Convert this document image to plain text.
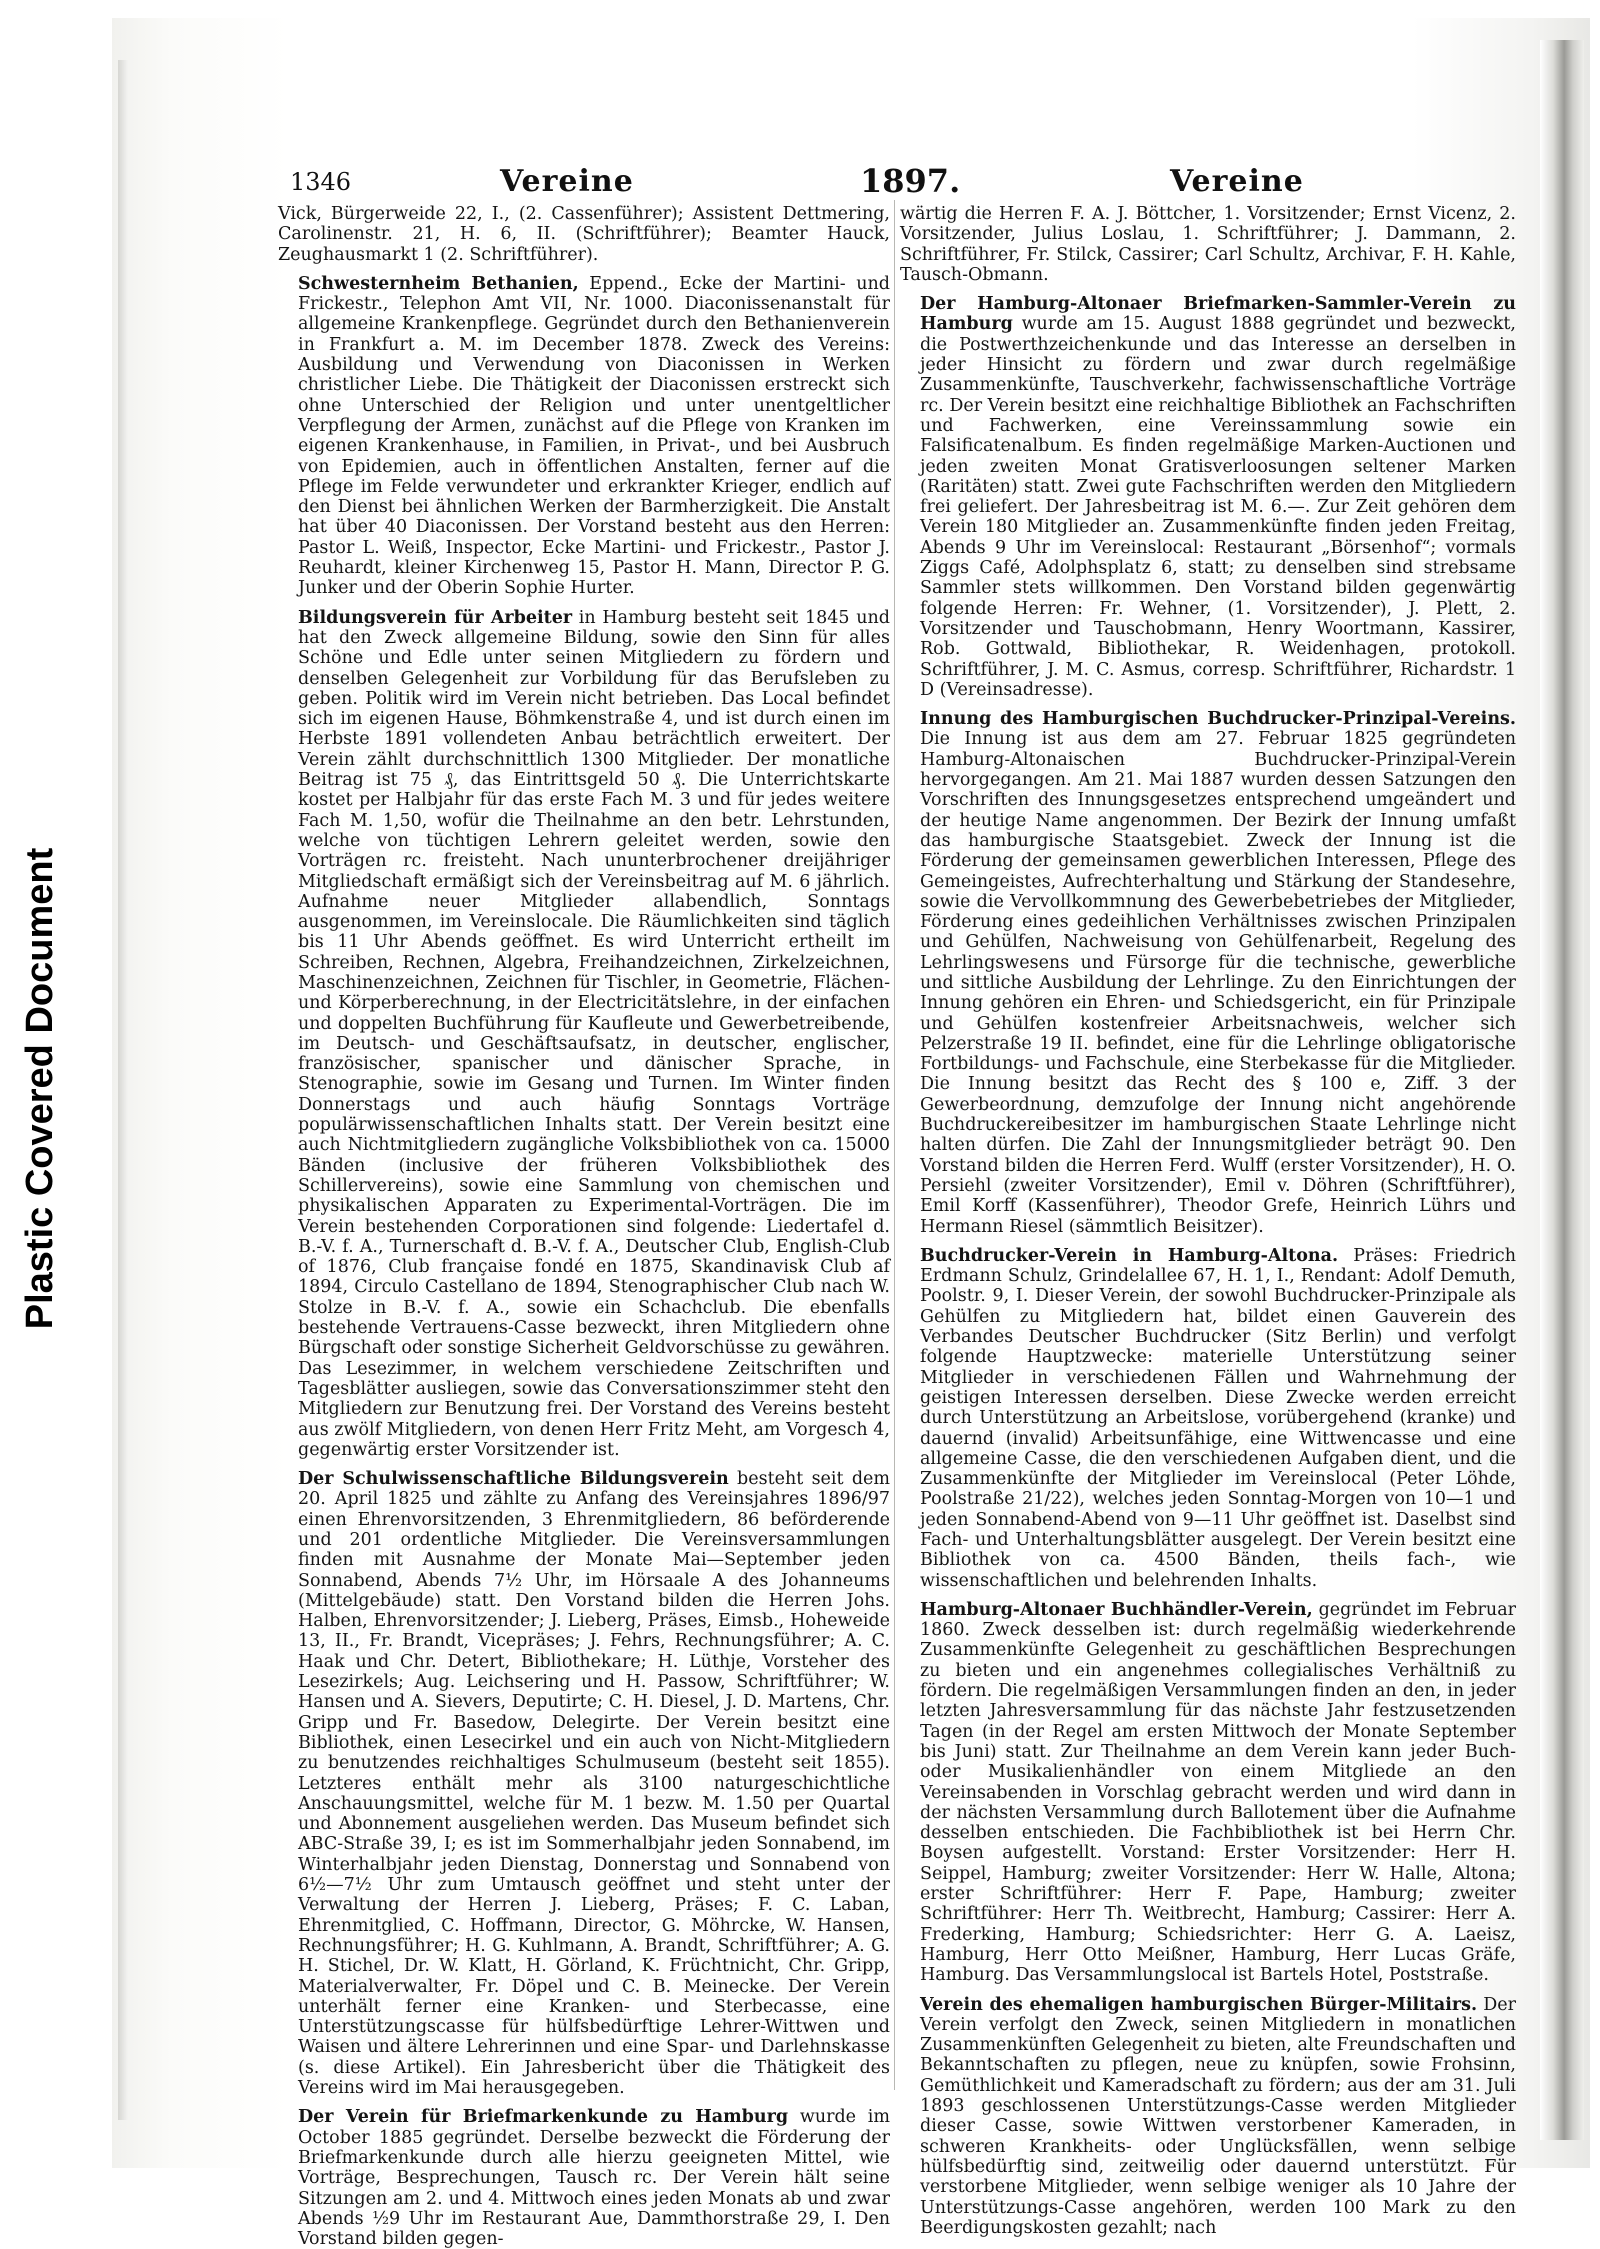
Plastic Covered Document
1346	Vereine	1897.	Vereine

Vick, Bürgerweide 22, I., (2. Cassenführer); Assistent Dettmering, Carolinenstr. 21, H. 6, II. (Schriftführer); Beamter Hauck, Zeughausmarkt 1 (2. Schriftführer).

Schwesternheim Bethanien, Eppend., Ecke der Martini- und Frickestr., Telephon Amt VII, Nr. 1000. Diaconissenanstalt für allgemeine Krankenpflege. Gegründet durch den Bethanienverein in Frankfurt a. M. im December 1878. Zweck des Vereins: Ausbildung und Verwendung von Diaconissen in Werken christlicher Liebe. Die Thätigkeit der Diaconissen erstreckt sich ohne Unterschied der Religion und unter unentgeltlicher Verpflegung der Armen, zunächst auf die Pflege von Kranken im eigenen Krankenhause, in Familien, in Privat-, und bei Ausbruch von Epidemien, auch in öffentlichen Anstalten, ferner auf die Pflege im Felde verwundeter und erkrankter Krieger, endlich auf den Dienst bei ähnlichen Werken der Barmherzigkeit. Die Anstalt hat über 40 Diaconissen. Der Vorstand besteht aus den Herren: Pastor L. Weiß, Inspector, Ecke Martini- und Frickestr., Pastor J. Reuhardt, kleiner Kirchenweg 15, Pastor H. Mann, Director P. G. Junker und der Oberin Sophie Hurter.

Bildungsverein für Arbeiter in Hamburg besteht seit 1845 und hat den Zweck allgemeine Bildung, sowie den Sinn für alles Schöne und Edle unter seinen Mitgliedern zu fördern und denselben Gelegenheit zur Vorbildung für das Berufsleben zu geben. Politik wird im Verein nicht betrieben. Das Local befindet sich im eigenen Hause, Böhmkenstraße 4, und ist durch einen im Herbste 1891 vollendeten Anbau beträchtlich erweitert. Der Verein zählt durchschnittlich 1300 Mitglieder. Der monatliche Beitrag ist 75 ₰, das Eintrittsgeld 50 ₰. Die Unterrichtskarte kostet per Halbjahr für das erste Fach M. 3 und für jedes weitere Fach M. 1,50, wofür die Theilnahme an den betr. Lehrstunden, welche von tüchtigen Lehrern geleitet werden, sowie den Vorträgen rc. freisteht. Nach ununterbrochener dreijähriger Mitgliedschaft ermäßigt sich der Vereinsbeitrag auf M. 6 jährlich. Aufnahme neuer Mitglieder allabendlich, Sonntags ausgenommen, im Vereinslocale. Die Räumlichkeiten sind täglich bis 11 Uhr Abends geöffnet. Es wird Unterricht ertheilt im Schreiben, Rechnen, Algebra, Freihandzeichnen, Zirkelzeichnen, Maschinenzeichnen, Zeichnen für Tischler, in Geometrie, Flächen- und Körperberechnung, in der Electricitätslehre, in der einfachen und doppelten Buchführung für Kaufleute und Gewerbetreibende, im Deutsch- und Geschäftsaufsatz, in deutscher, englischer, französischer, spanischer und dänischer Sprache, in Stenographie, sowie im Gesang und Turnen. Im Winter finden Donnerstags und auch häufig Sonntags Vorträge populärwissenschaftlichen Inhalts statt. Der Verein besitzt eine auch Nichtmitgliedern zugängliche Volksbibliothek von ca. 15000 Bänden (inclusive der früheren Volksbibliothek des Schillervereins), sowie eine Sammlung von chemischen und physikalischen Apparaten zu Experimental-Vorträgen. Die im Verein bestehenden Corporationen sind folgende: Liedertafel d. B.-V. f. A., Turnerschaft d. B.-V. f. A., Deutscher Club, English-Club of 1876, Club française fondé en 1875, Skandinavisk Club af 1894, Circulo Castellano de 1894, Stenographischer Club nach W. Stolze in B.-V. f. A., sowie ein Schachclub. Die ebenfalls bestehende Vertrauens-Casse bezweckt, ihren Mitgliedern ohne Bürgschaft oder sonstige Sicherheit Geldvorschüsse zu gewähren. Das Lesezimmer, in welchem verschiedene Zeitschriften und Tagesblätter ausliegen, sowie das Conversationszimmer steht den Mitgliedern zur Benutzung frei. Der Vorstand des Vereins besteht aus zwölf Mitgliedern, von denen Herr Fritz Meht, am Vorgesch 4, gegenwärtig erster Vorsitzender ist.

Der Schulwissenschaftliche Bildungsverein besteht seit dem 20. April 1825 und zählte zu Anfang des Vereinsjahres 1896/97 einen Ehrenvorsitzenden, 3 Ehrenmitgliedern, 86 beförderende und 201 ordentliche Mitglieder. Die Vereinsversammlungen finden mit Ausnahme der Monate Mai—September jeden Sonnabend, Abends 7½ Uhr, im Hörsaale A des Johanneums (Mittelgebäude) statt. Den Vorstand bilden die Herren Johs. Halben, Ehrenvorsitzender; J. Lieberg, Präses, Eimsb., Hoheweide 13, II., Fr. Brandt, Vicepräses; J. Fehrs, Rechnungsführer; A. C. Haak und Chr. Detert, Bibliothekare; H. Lüthje, Vorsteher des Lesezirkels; Aug. Leichsering und H. Passow, Schriftführer; W. Hansen und A. Sievers, Deputirte; C. H. Diesel, J. D. Martens, Chr. Gripp und Fr. Basedow, Delegirte. Der Verein besitzt eine Bibliothek, einen Lesecirkel und ein auch von Nicht-Mitgliedern zu benutzendes reichhaltiges Schulmuseum (besteht seit 1855). Letzteres enthält mehr als 3100 naturgeschichtliche Anschauungsmittel, welche für M. 1 bezw. M. 1.50 per Quartal und Abonnement ausgeliehen werden. Das Museum befindet sich ABC-Straße 39, I; es ist im Sommerhalbjahr jeden Sonnabend, im Winterhalbjahr jeden Dienstag, Donnerstag und Sonnabend von 6½—7½ Uhr zum Umtausch geöffnet und steht unter der Verwaltung der Herren J. Lieberg, Präses; F. C. Laban, Ehrenmitglied, C. Hoffmann, Director, G. Möhrcke, W. Hansen, Rechnungsführer; H. G. Kuhlmann, A. Brandt, Schriftführer; A. G. H. Stichel, Dr. W. Klatt, H. Görland, K. Früchtnicht, Chr. Gripp, Materialverwalter, Fr. Döpel und C. B. Meinecke. Der Verein unterhält ferner eine Kranken- und Sterbecasse, eine Unterstützungscasse für hülfsbedürftige Lehrer-Wittwen und Waisen und ältere Lehrerinnen und eine Spar- und Darlehnskasse (s. diese Artikel). Ein Jahresbericht über die Thätigkeit des Vereins wird im Mai herausgegeben.

Der Verein für Briefmarkenkunde zu Hamburg wurde im October 1885 gegründet. Derselbe bezweckt die Förderung der Briefmarkenkunde durch alle hierzu geeigneten Mittel, wie Vorträge, Besprechungen, Tausch rc. Der Verein hält seine Sitzungen am 2. und 4. Mittwoch eines jeden Monats ab und zwar Abends ½9 Uhr im Restaurant Aue, Dammthorstraße 29, I. Den Vorstand bilden gegen-

wärtig die Herren F. A. J. Böttcher, 1. Vorsitzender; Ernst Vicenz, 2. Vorsitzender, Julius Loslau, 1. Schriftführer; J. Dammann, 2. Schriftführer, Fr. Stilck, Cassirer; Carl Schultz, Archivar, F. H. Kahle, Tausch-Obmann.

Der Hamburg-Altonaer Briefmarken-Sammler-Verein zu Hamburg wurde am 15. August 1888 gegründet und bezweckt, die Postwerthzeichenkunde und das Interesse an derselben in jeder Hinsicht zu fördern und zwar durch regelmäßige Zusammenkünfte, Tauschverkehr, fachwissenschaftliche Vorträge rc. Der Verein besitzt eine reichhaltige Bibliothek an Fachschriften und Fachwerken, eine Vereinssammlung sowie ein Falsificatenalbum. Es finden regelmäßige Marken-Auctionen und jeden zweiten Monat Gratisverloosungen seltener Marken (Raritäten) statt. Zwei gute Fachschriften werden den Mitgliedern frei geliefert. Der Jahresbeitrag ist M. 6.—. Zur Zeit gehören dem Verein 180 Mitglieder an. Zusammenkünfte finden jeden Freitag, Abends 9 Uhr im Vereinslocal: Restaurant „Börsenhof“; vormals Ziggs Café, Adolphsplatz 6, statt; zu denselben sind strebsame Sammler stets willkommen. Den Vorstand bilden gegenwärtig folgende Herren: Fr. Wehner, (1. Vorsitzender), J. Plett, 2. Vorsitzender und Tauschobmann, Henry Woortmann, Kassirer, Rob. Gottwald, Bibliothekar, R. Weidenhagen, protokoll. Schriftführer, J. M. C. Asmus, corresp. Schriftführer, Richardstr. 1 D (Vereinsadresse).

Innung des Hamburgischen Buchdrucker-Prinzipal-Vereins. Die Innung ist aus dem am 27. Februar 1825 gegründeten Hamburg-Altonaischen Buchdrucker-Prinzipal-Verein hervorgegangen. Am 21. Mai 1887 wurden dessen Satzungen den Vorschriften des Innungsgesetzes entsprechend umgeändert und der heutige Name angenommen. Der Bezirk der Innung umfaßt das hamburgische Staatsgebiet. Zweck der Innung ist die Förderung der gemeinsamen gewerblichen Interessen, Pflege des Gemeingeistes, Aufrechterhaltung und Stärkung der Standesehre, sowie die Vervollkommnung des Gewerbebetriebes der Mitglieder, Förderung eines gedeihlichen Verhältnisses zwischen Prinzipalen und Gehülfen, Nachweisung von Gehülfenarbeit, Regelung des Lehrlingswesens und Fürsorge für die technische, gewerbliche und sittliche Ausbildung der Lehrlinge. Zu den Einrichtungen der Innung gehören ein Ehren- und Schiedsgericht, ein für Prinzipale und Gehülfen kostenfreier Arbeitsnachweis, welcher sich Pelzerstraße 19 II. befindet, eine für die Lehrlinge obligatorische Fortbildungs- und Fachschule, eine Sterbekasse für die Mitglieder. Die Innung besitzt das Recht des § 100 e, Ziff. 3 der Gewerbeordnung, demzufolge der Innung nicht angehörende Buchdruckereibesitzer im hamburgischen Staate Lehrlinge nicht halten dürfen. Die Zahl der Innungsmitglieder beträgt 90. Den Vorstand bilden die Herren Ferd. Wulff (erster Vorsitzender), H. O. Persiehl (zweiter Vorsitzender), Emil v. Döhren (Schriftführer), Emil Korff (Kassenführer), Theodor Grefe, Heinrich Lührs und Hermann Riesel (sämmtlich Beisitzer).

Buchdrucker-Verein in Hamburg-Altona. Präses: Friedrich Erdmann Schulz, Grindelallee 67, H. 1, I., Rendant: Adolf Demuth, Poolstr. 9, I. Dieser Verein, der sowohl Buchdrucker-Prinzipale als Gehülfen zu Mitgliedern hat, bildet einen Gauverein des Verbandes Deutscher Buchdrucker (Sitz Berlin) und verfolgt folgende Hauptzwecke: materielle Unterstützung seiner Mitglieder in verschiedenen Fällen und Wahrnehmung der geistigen Interessen derselben. Diese Zwecke werden erreicht durch Unterstützung an Arbeitslose, vorübergehend (kranke) und dauernd (invalid) Arbeitsunfähige, eine Wittwencasse und eine allgemeine Casse, die den verschiedenen Aufgaben dient, und die Zusammenkünfte der Mitglieder im Vereinslocal (Peter Löhde, Poolstraße 21/22), welches jeden Sonntag-Morgen von 10—1 und jeden Sonnabend-Abend von 9—11 Uhr geöffnet ist. Daselbst sind Fach- und Unterhaltungsblätter ausgelegt. Der Verein besitzt eine Bibliothek von ca. 4500 Bänden, theils fach-, wie wissenschaftlichen und belehrenden Inhalts.

Hamburg-Altonaer Buchhändler-Verein, gegründet im Februar 1860. Zweck desselben ist: durch regelmäßig wiederkehrende Zusammenkünfte Gelegenheit zu geschäftlichen Besprechungen zu bieten und ein angenehmes collegialisches Verhältniß zu fördern. Die regelmäßigen Versammlungen finden an den, in jeder letzten Jahresversammlung für das nächste Jahr festzusetzenden Tagen (in der Regel am ersten Mittwoch der Monate September bis Juni) statt. Zur Theilnahme an dem Verein kann jeder Buch- oder Musikalienhändler von einem Mitgliede an den Vereinsabenden in Vorschlag gebracht werden und wird dann in der nächsten Versammlung durch Ballotement über die Aufnahme desselben entschieden. Die Fachbibliothek ist bei Herrn Chr. Boysen aufgestellt. Vorstand: Erster Vorsitzender: Herr H. Seippel, Hamburg; zweiter Vorsitzender: Herr W. Halle, Altona; erster Schriftführer: Herr F. Pape, Hamburg; zweiter Schriftführer: Herr Th. Weitbrecht, Hamburg; Cassirer: Herr A. Frederking, Hamburg; Schiedsrichter: Herr G. A. Laeisz, Hamburg, Herr Otto Meißner, Hamburg, Herr Lucas Gräfe, Hamburg. Das Versammlungslocal ist Bartels Hotel, Poststraße.

Verein des ehemaligen hamburgischen Bürger-Militairs. Der Verein verfolgt den Zweck, seinen Mitgliedern in monatlichen Zusammenkünften Gelegenheit zu bieten, alte Freundschaften und Bekanntschaften zu pflegen, neue zu knüpfen, sowie Frohsinn, Gemüthlichkeit und Kameradschaft zu fördern; aus der am 31. Juli 1893 geschlossenen Unterstützungs-Casse werden Mitglieder dieser Casse, sowie Wittwen verstorbener Kameraden, in schweren Krankheits- oder Unglücksfällen, wenn selbige hülfsbedürftig sind, zeitweilig oder dauernd unterstützt. Für verstorbene Mitglieder, wenn selbige weniger als 10 Jahre der Unterstützungs-Casse angehören, werden 100 Mark zu den Beerdigungskosten gezahlt; nach
